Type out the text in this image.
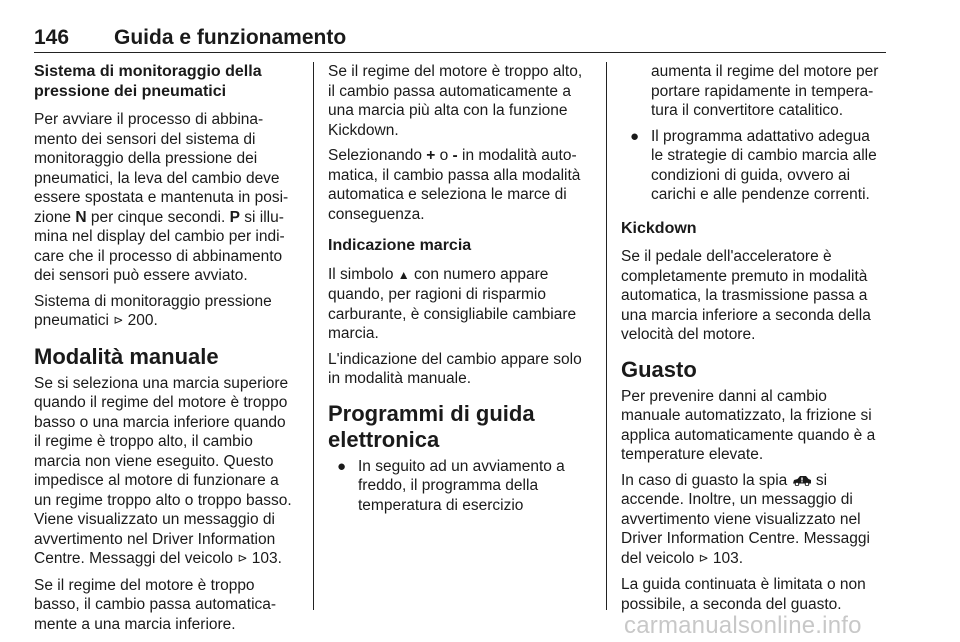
146 Guida e funzionamento
Sistema di monitoraggio della
pressione dei pneumatici

Per avviare il processo di abbina-
mento dei sensori del sistema di
monitoraggio della pressione dei
pneumatici, la leva del cambio deve
essere spostata e mantenuta in posi-
zione N per cinque secondi. P si illu-
mina nel display del cambio per indi-
care che il processo di abbinamento
dei sensori può essere avviato.

Sistema di monitoraggio pressione
pneumatici ⊳ 200.

Modalità manuale

Se si seleziona una marcia superiore
quando il regime del motore è troppo
basso o una marcia inferiore quando
il regime è troppo alto, il cambio
marcia non viene eseguito. Questo
impedisce al motore di funzionare a
un regime troppo alto o troppo basso.
Viene visualizzato un messaggio di
avvertimento nel Driver Information
Centre. Messaggi del veicolo ⊳ 103.

Se il regime del motore è troppo
basso, il cambio passa automatica-
mente a una marcia inferiore.

Se il regime del motore è troppo alto,
il cambio passa automaticamente a
una marcia più alta con la funzione
Kickdown.

Selezionando + o - in modalità auto-
matica, il cambio passa alla modalità
automatica e seleziona le marce di
conseguenza.

Indicazione marcia

Il simbolo ▲ con numero appare
quando, per ragioni di risparmio
carburante, è consigliabile cambiare
marcia.

L'indicazione del cambio appare solo
in modalità manuale.

Programmi di guida
elettronica
● In seguito ad un avviamento a
freddo, il programma della
temperatura di esercizio
aumenta il regime del motore per
portare rapidamente in tempera-
tura il convertitore catalitico.
● Il programma adattativo adegua
le strategie di cambio marcia alle
condizioni di guida, ovvero ai
carichi e alle pendenze correnti.
Kickdown

Se il pedale dell'acceleratore è
completamente premuto in modalità
automatica, la trasmissione passa a
una marcia inferiore a seconda della
velocità del motore.

Guasto

Per prevenire danni al cambio
manuale automatizzato, la frizione si
applica automaticamente quando è a
temperature elevate.

In caso di guasto la spia  si
accende. Inoltre, un messaggio di
avvertimento viene visualizzato nel
Driver Information Centre. Messaggi
del veicolo ⊳ 103.

La guida continuata è limitata o non
possibile, a seconda del guasto.

carmanualsonline.info
